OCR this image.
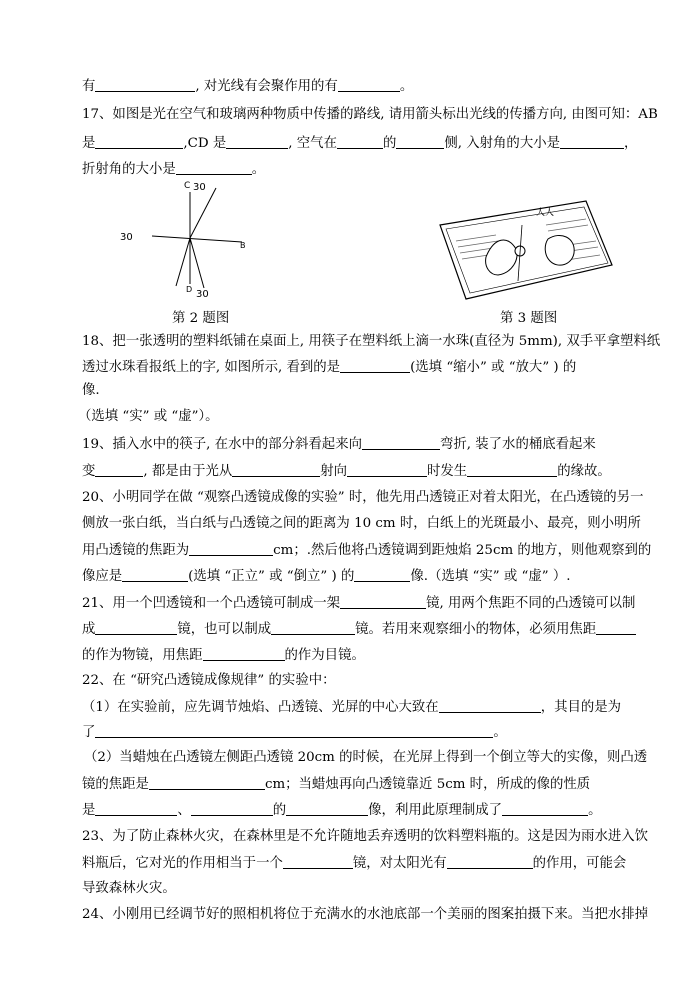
有	, 对光线有会聚作用的有	。
17、如图是光在空气和玻璃两种物质中传播的路线, 请用箭头标出光线的传播方向, 由图可知：AB
是	,CD 是	, 空气在	的	侧, 入射角的大小是	，
折射角的大小是	。
C 30
30
B
D 30
第 2 题图
人人
第 3 题图
18、把一张透明的塑料纸铺在桌面上, 用筷子在塑料纸上滴一水珠(直径为 5mm), 双手平拿塑料纸
透过水珠看报纸上的字, 如图所示, 看到的是	(选填 “缩小” 或 “放大” ) 的
像.
（选填 “实” 或 “虚”）。
19、插入水中的筷子, 在水中的部分斜看起来向	弯折, 装了水的桶底看起来
变	, 都是由于光从	射向	时发生	的缘故。
20、小明同学在做 “观察凸透镜成像的实验” 时，他先用凸透镜正对着太阳光，在凸透镜的另一
侧放一张白纸，当白纸与凸透镜之间的距离为 10 cm 时，白纸上的光斑最小、最亮，则小明所
用凸透镜的焦距为	cm；.然后他将凸透镜调到距烛焰 25cm 的地方，则他观察到的
像应是	(选填 “正立” 或 “倒立” ) 的	像.（选填 “实” 或 “虚” ）.
21、用一个凹透镜和一个凸透镜可制成一架	镜, 用两个焦距不同的凸透镜可以制
成	镜，也可以制成	镜。若用来观察细小的物体，必须用焦距
的作为物镜，用焦距	的作为目镜。
22、在 “研究凸透镜成像规律” 的实验中：
（1）在实验前，应先调节烛焰、凸透镜、光屏的中心大致在	，其目的是为
了	。
（2）当蜡烛在凸透镜左侧距凸透镜 20cm 的时候，在光屏上得到一个倒立等大的实像，则凸透
镜的焦距是	cm；当蜡烛再向凸透镜靠近 5cm 时，所成的像的性质
是	、	的	像，利用此原理制成了	。
23、为了防止森林火灾，在森林里是不允许随地丢弃透明的饮料塑料瓶的。这是因为雨水进入饮
料瓶后，它对光的作用相当于一个	镜，对太阳光有	的作用，可能会
导致森林火灾。
24、小刚用已经调节好的照相机将位于充满水的水池底部一个美丽的图案拍摄下来。当把水排掉
